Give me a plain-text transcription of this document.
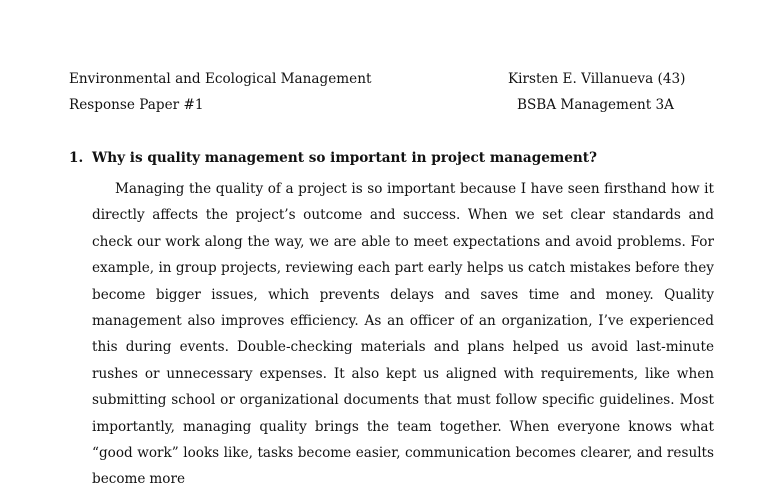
Environmental and Ecological Management
Response Paper #1
Kirsten E. Villanueva (43)
BSBA Management 3A
1. Why is quality management so important in project management?

Managing the quality of a project is so important because I have seen firsthand how it directly affects the project’s outcome and success. When we set clear standards and check our work along the way, we are able to meet expectations and avoid problems. For example, in group projects, reviewing each part early helps us catch mistakes before they become bigger issues, which prevents delays and saves time and money. Quality management also improves efficiency. As an officer of an organization, I’ve experienced this during events. Double-checking materials and plans helped us avoid last-minute rushes or unnecessary expenses. It also kept us aligned with requirements, like when submitting school or organizational documents that must follow specific guidelines. Most importantly, managing quality brings the team together. When everyone knows what “good work” looks like, tasks become easier, communication becomes clearer, and results become more
